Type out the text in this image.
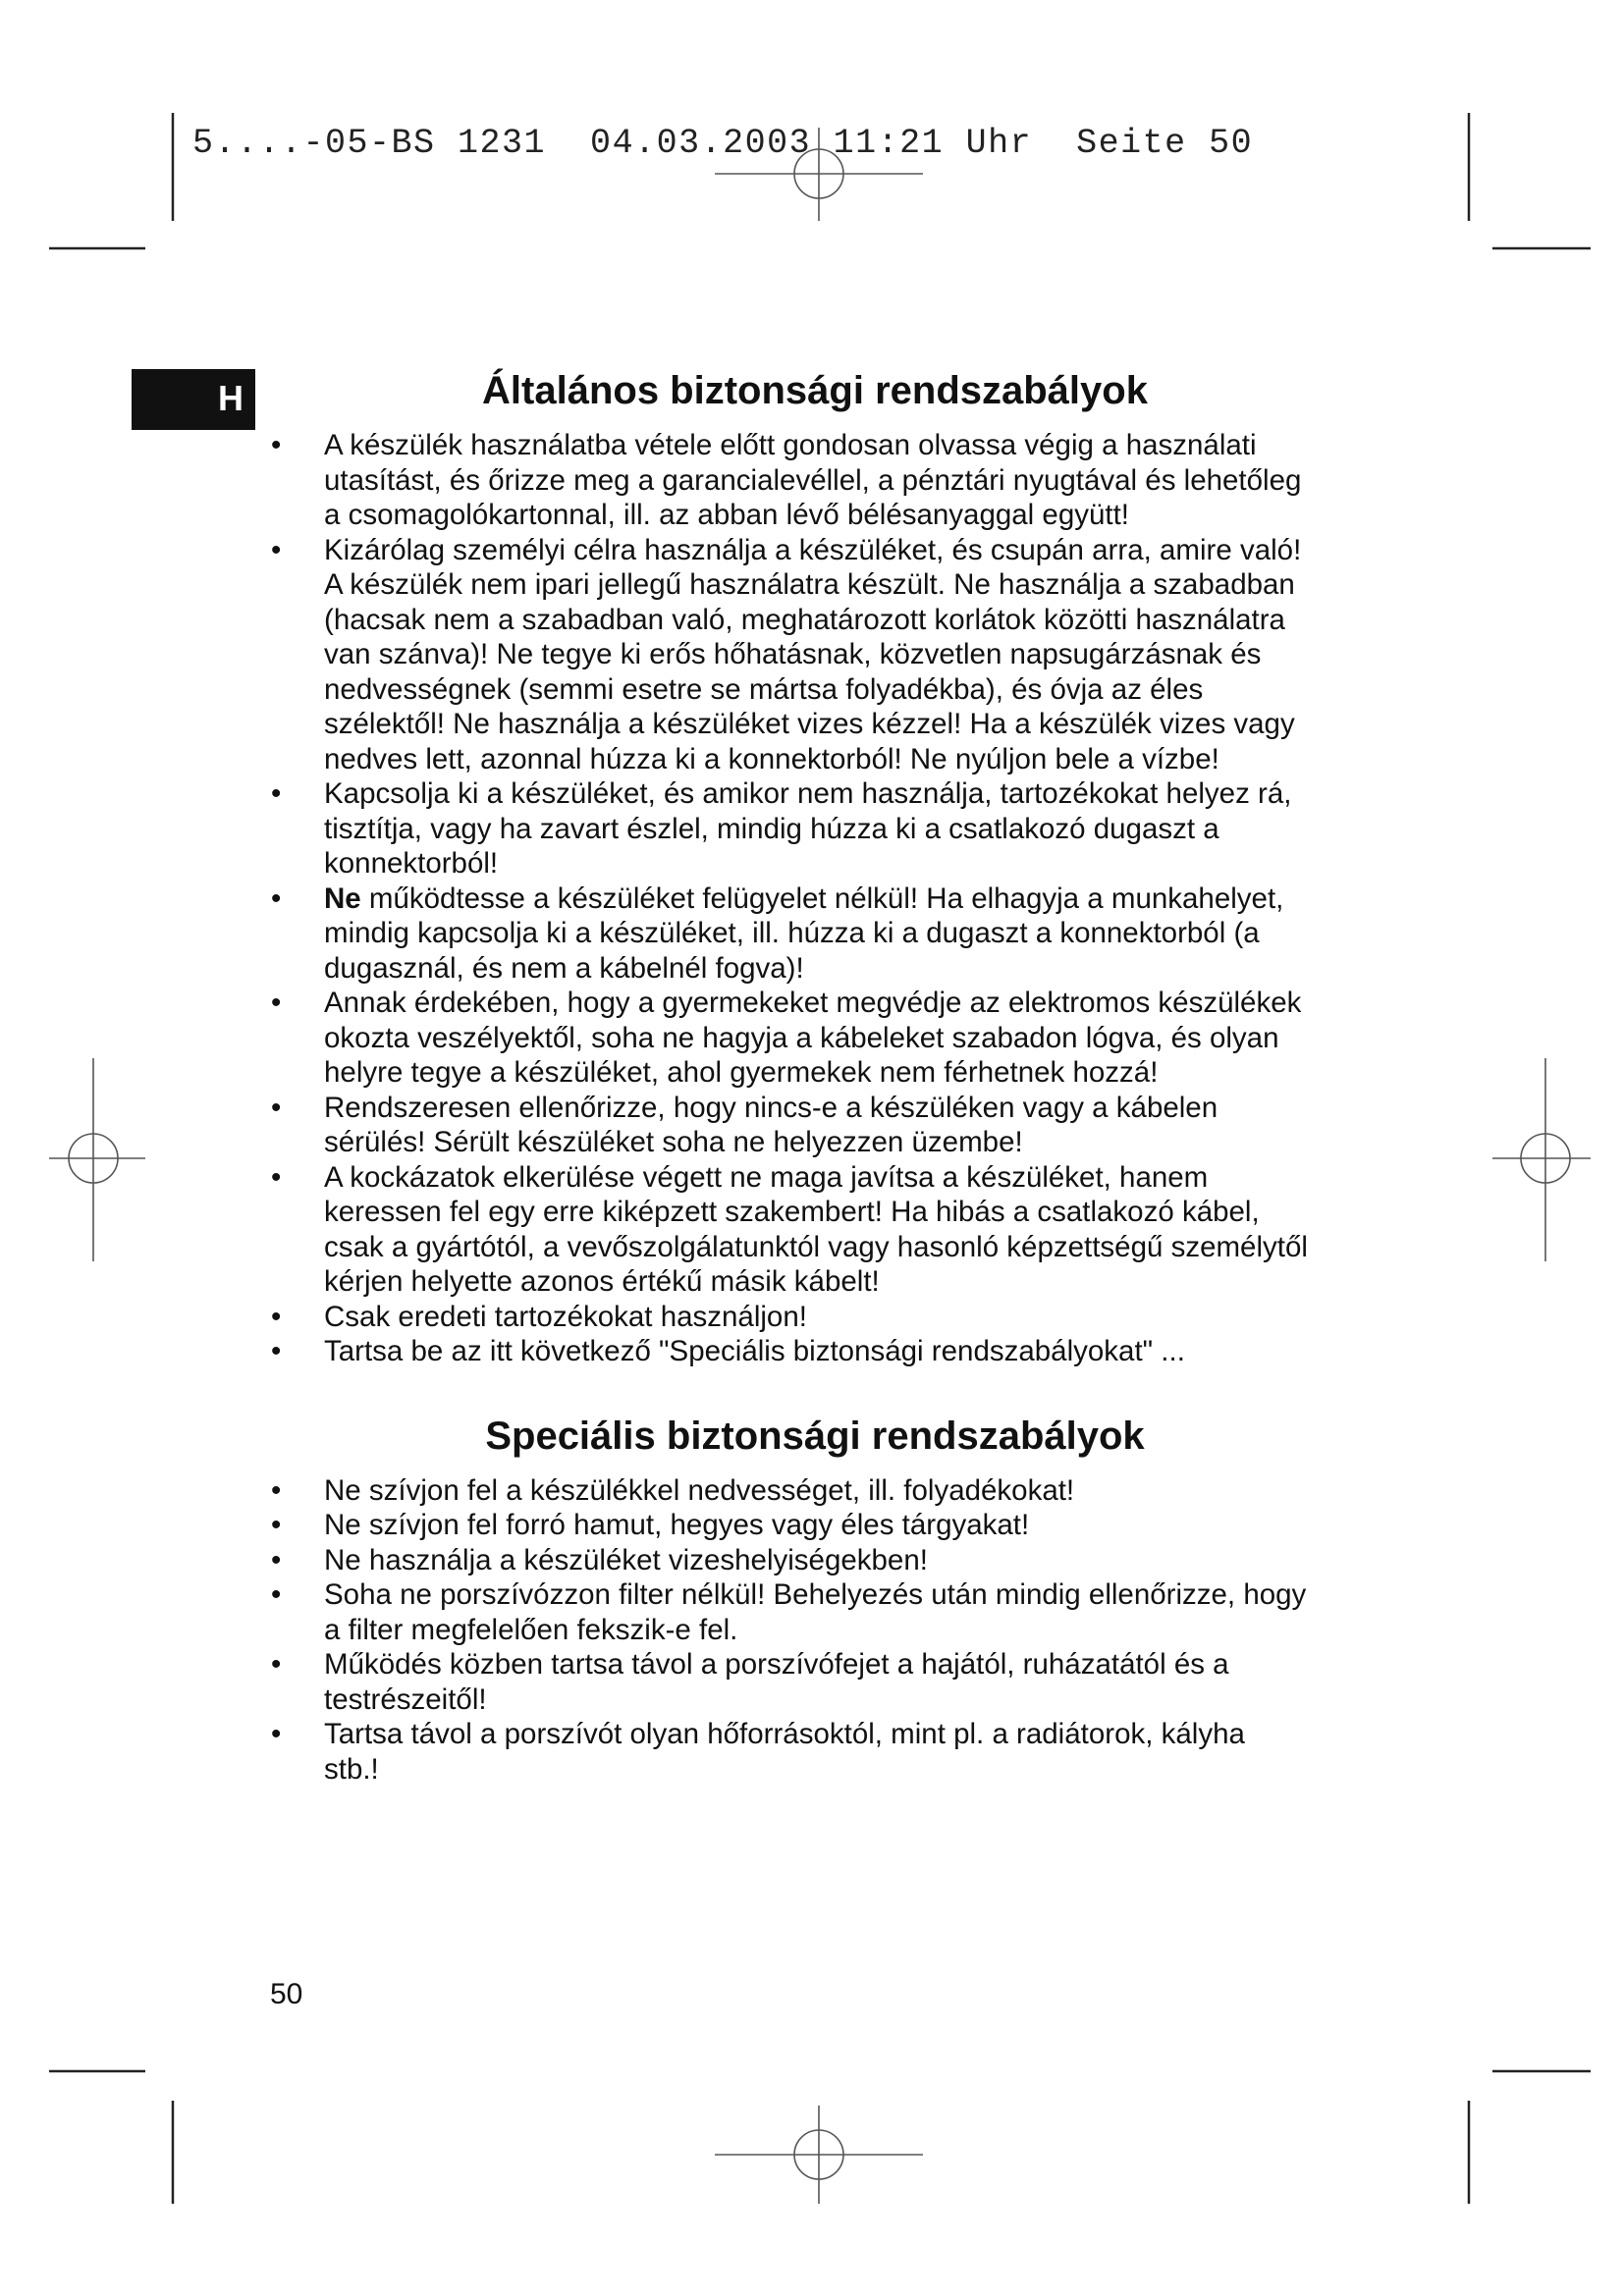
5....-05-BS 1231  04.03.2003 11:21 Uhr  Seite 50
H	Általános biztonsági rendszabályok
• A készülék használatba vétele előtt gondosan olvassa végig a használati
utasítást, és őrizze meg a garancialevéllel, a pénztári nyugtával és lehetőleg
a csomagolókartonnal, ill. az abban lévő bélésanyaggal együtt!
• Kizárólag személyi célra használja a készüléket, és csupán arra, amire való!
A készülék nem ipari jellegű használatra készült. Ne használja a szabadban
(hacsak nem a szabadban való, meghatározott korlátok közötti használatra
van szánva)! Ne tegye ki erős hőhatásnak, közvetlen napsugárzásnak és
nedvességnek (semmi esetre se mártsa folyadékba), és óvja az éles
szélektől! Ne használja a készüléket vizes kézzel! Ha a készülék vizes vagy
nedves lett, azonnal húzza ki a konnektorból! Ne nyúljon bele a vízbe!
• Kapcsolja ki a készüléket, és amikor nem használja, tartozékokat helyez rá,
tisztítja, vagy ha zavart észlel, mindig húzza ki a csatlakozó dugaszt a
konnektorból!
• Ne működtesse a készüléket felügyelet nélkül! Ha elhagyja a munkahelyet,
mindig kapcsolja ki a készüléket, ill. húzza ki a dugaszt a konnektorból (a
dugasznál, és nem a kábelnél fogva)!
• Annak érdekében, hogy a gyermekeket megvédje az elektromos készülékek
okozta veszélyektől, soha ne hagyja a kábeleket szabadon lógva, és olyan
helyre tegye a készüléket, ahol gyermekek nem férhetnek hozzá!
• Rendszeresen ellenőrizze, hogy nincs-e a készüléken vagy a kábelen
sérülés! Sérült készüléket soha ne helyezzen üzembe!
• A kockázatok elkerülése végett ne maga javítsa a készüléket, hanem
keressen fel egy erre kiképzett szakembert! Ha hibás a csatlakozó kábel,
csak a gyártótól, a vevőszolgálatunktól vagy hasonló képzettségű személytől
kérjen helyette azonos értékű másik kábelt!
• Csak eredeti tartozékokat használjon!
• Tartsa be az itt következő "Speciális biztonsági rendszabályokat" ...
Speciális biztonsági rendszabályok
• Ne szívjon fel a készülékkel nedvességet, ill. folyadékokat!
• Ne szívjon fel forró hamut, hegyes vagy éles tárgyakat!
• Ne használja a készüléket vizeshelyiségekben!
• Soha ne porszívózzon filter nélkül! Behelyezés után mindig ellenőrizze, hogy
a filter megfelelően fekszik-e fel.
• Működés közben tartsa távol a porszívófejet a hajától, ruházatától és a
testrészeitől!
• Tartsa távol a porszívót olyan hőforrásoktól, mint pl. a radiátorok, kályha
stb.!
50
